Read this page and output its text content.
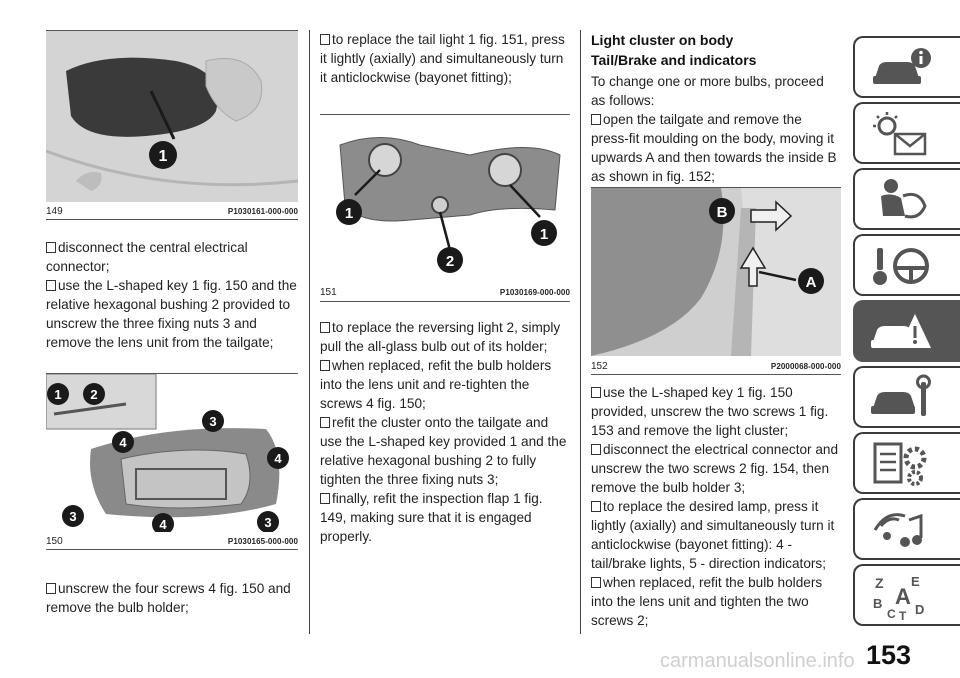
1
149	P1030161-000-000

disconnect the central electrical connector;

use the L-shaped key 1 fig. 150 and the relative hexagonal bushing 2 provided to unscrew the three fixing nuts 3 and remove the lens unit from the tailgate;

1 2
3
4
4
3
4	3
150	P1030165-000-000

unscrew the four screws 4 fig. 150 and remove the bulb holder;

to replace the tail light 1 fig. 151, press it lightly (axially) and simultaneously turn it anticlockwise (bayonet fitting);

1
2
1
151	P1030169-000-000

to replace the reversing light 2, simply pull the all-glass bulb out of its holder;

when replaced, refit the bulb holders into the lens unit and re-tighten the screws 4 fig. 150;

refit the cluster onto the tailgate and use the L-shaped key provided 1 and the relative hexagonal bushing 2 to fully tighten the three fixing nuts 3;

finally, refit the inspection flap 1 fig. 149, making sure that it is engaged properly.

Light cluster on body
Tail/Brake and indicators

To change one or more bulbs, proceed as follows:

open the tailgate and remove the press-fit moulding on the body, moving it upwards A and then towards the inside B as shown in fig. 152;

B
A
152	P2000068-000-000

use the L-shaped key 1 fig. 150 provided, unscrew the two screws 1 fig. 153 and remove the light cluster;

disconnect the electrical connector and unscrew the two screws 2 fig. 154, then remove the bulb holder 3;

to replace the desired lamp, press it lightly (axially) and simultaneously turn it anticlockwise (bayonet fitting): 4 - tail/brake lights, 5 - direction indicators;

when replaced, refit the bulb holders into the lens unit and tighten the two screws 2;

Z E
B A
C T D
carmanualsonline.info 153
